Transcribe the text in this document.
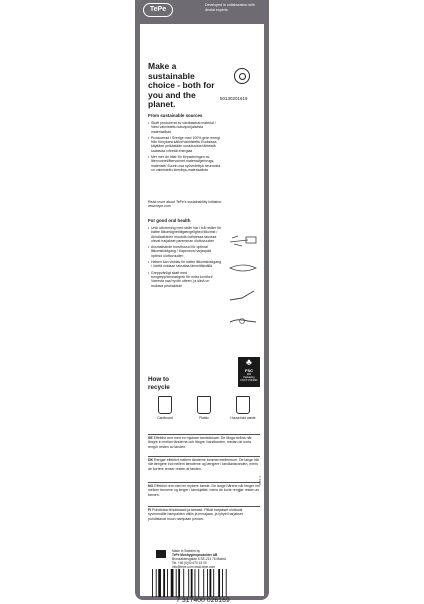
TePe
Developed in collaboration with dental experts.
Make a sustainable choice - both for you and the planet.
50130201619
From sustainable sources
• Skaft producerat av växtbaserat material / Varsi valmistettu kasvipohjaisesta materiaalista
• Producerad i Sverige med 100% grön energi från förnybara källor/Valmistettu Ruotsissa käyttäen pelkästään uusiutuvista lähteistä saatavaa vihreää energiaa
• Mer mer än bitar för förpackningen av återvunnet/återvunnet material/gerbrugs-materiale/ Suurin osa syövedettyä neuroosta on valmistettu kierrätys-materiaalista
Read more about TePe's sustainability initiative: www.tepe.com
For good oral health
• Unik utformning med strån här / två nivåer för bättre åtkomlighet/tilgængelighed tilkomst / Ainutlaatuinen muotoilu kahdessa tasossa olevat harjakset paremman ulottuvuuden
• Avsmalnande borsthuvud för optimal åtkomst/adgang / Kapeneva harjaspää optimoi ulottuvuuden
• Halsen kan vinklas för bättre åtkomst/adgang / Varttä voidaan taivuttaa lämmittämällä
• Greppvänligt skaft med tumgrepp/tommelgreb för extra komfort/ Varresta saa hyvän otteen, ja siinä on mukava peukalotuki
♣
FSC
MIX
Packaging
FSC® C134090
How to recycle
Cardboard	Plastic	Household waste
SE Effektivt rent med en mjukare tandstickare. De långa stråna når längre in mellan tänderna och längre i tandkanten, medan de korta rengör resten av tanden.
DK Rengør effektivt mellem tänderne tommerrmellemrum. De lange hår når længere ind mellem tænderne og længere i tandkødsranden, mens de kortere renser resten af tanden.
NO Effektivt rent med en mykere børste. De lange hårene når lenger inn mellom tennene og lenger i tannkjøttet, mens de korte rengjør resten av tannen.
FI Puhdistaa tehokkaasti ja tarkasti. Pitkät harjakset ulottuvat syvemmälle hampaiden väliin ja ienrajaan, ja lyhyet harjakset puhdistavat muun hampaan pinnan.
Made in Sweden by
TePe Munhygienprodukter AB
Bronsaldersgatan 6 SE-213 76 Malmö
Tel. +46 (0)40 670 15 00
info@tepe.com www.tepe.com
F 1601
7 317400 026169
